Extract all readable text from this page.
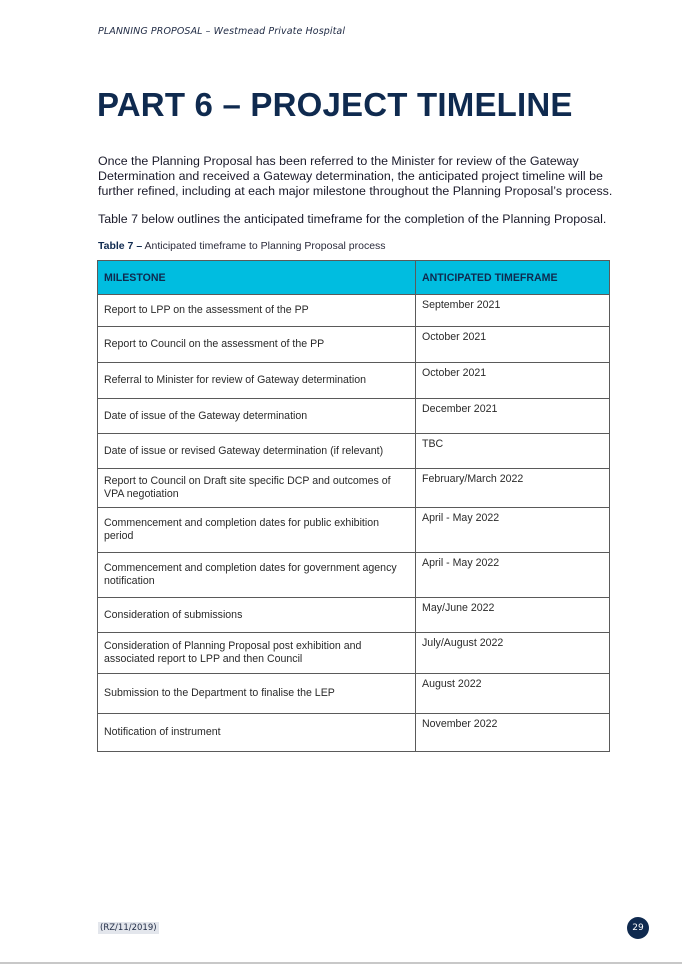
PLANNING PROPOSAL – Westmead Private Hospital
PART 6 – PROJECT TIMELINE

Once the Planning Proposal has been referred to the Minister for review of the Gateway Determination and received a Gateway determination, the anticipated project timeline will be further refined, including at each major milestone throughout the Planning Proposal’s process.

Table 7 below outlines the anticipated timeframe for the completion of the Planning Proposal.

Table 7 – Anticipated timeframe to Planning Proposal process
MILESTONE	ANTICIPATED TIMEFRAME
Report to LPP on the assessment of the PP	September 2021
Report to Council on the assessment of the PP	October 2021
Referral to Minister for review of Gateway determination	October 2021
Date of issue of the Gateway determination	December 2021
Date of issue or revised Gateway determination (if relevant)	TBC
Report to Council on Draft site specific DCP and outcomes of VPA negotiation	February/March 2022
Commencement and completion dates for public exhibition period	April - May 2022
Commencement and completion dates for government agency notification	April - May 2022
Consideration of submissions	May/June 2022
Consideration of Planning Proposal post exhibition and associated report to LPP and then Council	July/August 2022
Submission to the Department to finalise the LEP	August 2022
Notification of instrument	November 2022
(RZ/11/2019)	29
